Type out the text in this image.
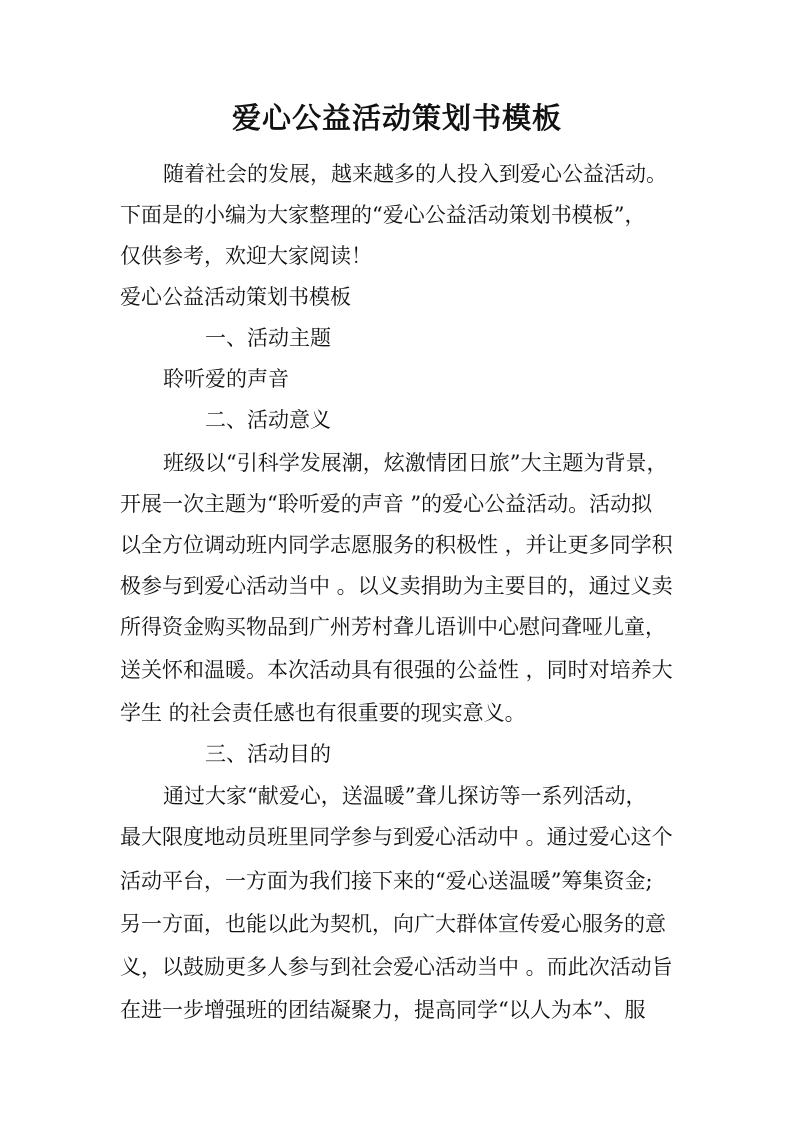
爱心公益活动策划书模板

随着社会的发展，越来越多的人投入到爱心公益活动。

下面是的小编为大家整理的“爱心公益活动策划书模板”，

仅供参考，欢迎大家阅读！

爱心公益活动策划书模板

一、活动主题

聆听爱的声音

二、活动意义

班级以“引科学发展潮，炫激情团日旅”大主题为背景，

开展一次主题为“聆听爱的声音 ”的爱心公益活动。活动拟

以全方位调动班内同学志愿服务的积极性 ，并让更多同学积

极参与到爱心活动当中 。以义卖捐助为主要目的，通过义卖

所得资金购买物品到广州芳村聋儿语训中心慰问聋哑儿童，

送关怀和温暖。本次活动具有很强的公益性 ，同时对培养大

学生 的社会责任感也有很重要的现实意义。

三、活动目的

通过大家“献爱心，送温暖”聋儿探访等一系列活动，

最大限度地动员班里同学参与到爱心活动中 。通过爱心这个

活动平台，一方面为我们接下来的“爱心送温暖”筹集资金;

另一方面，也能以此为契机，向广大群体宣传爱心服务的意

义，以鼓励更多人参与到社会爱心活动当中 。而此次活动旨

在进一步增强班的团结凝聚力，提高同学“以人为本”、服
